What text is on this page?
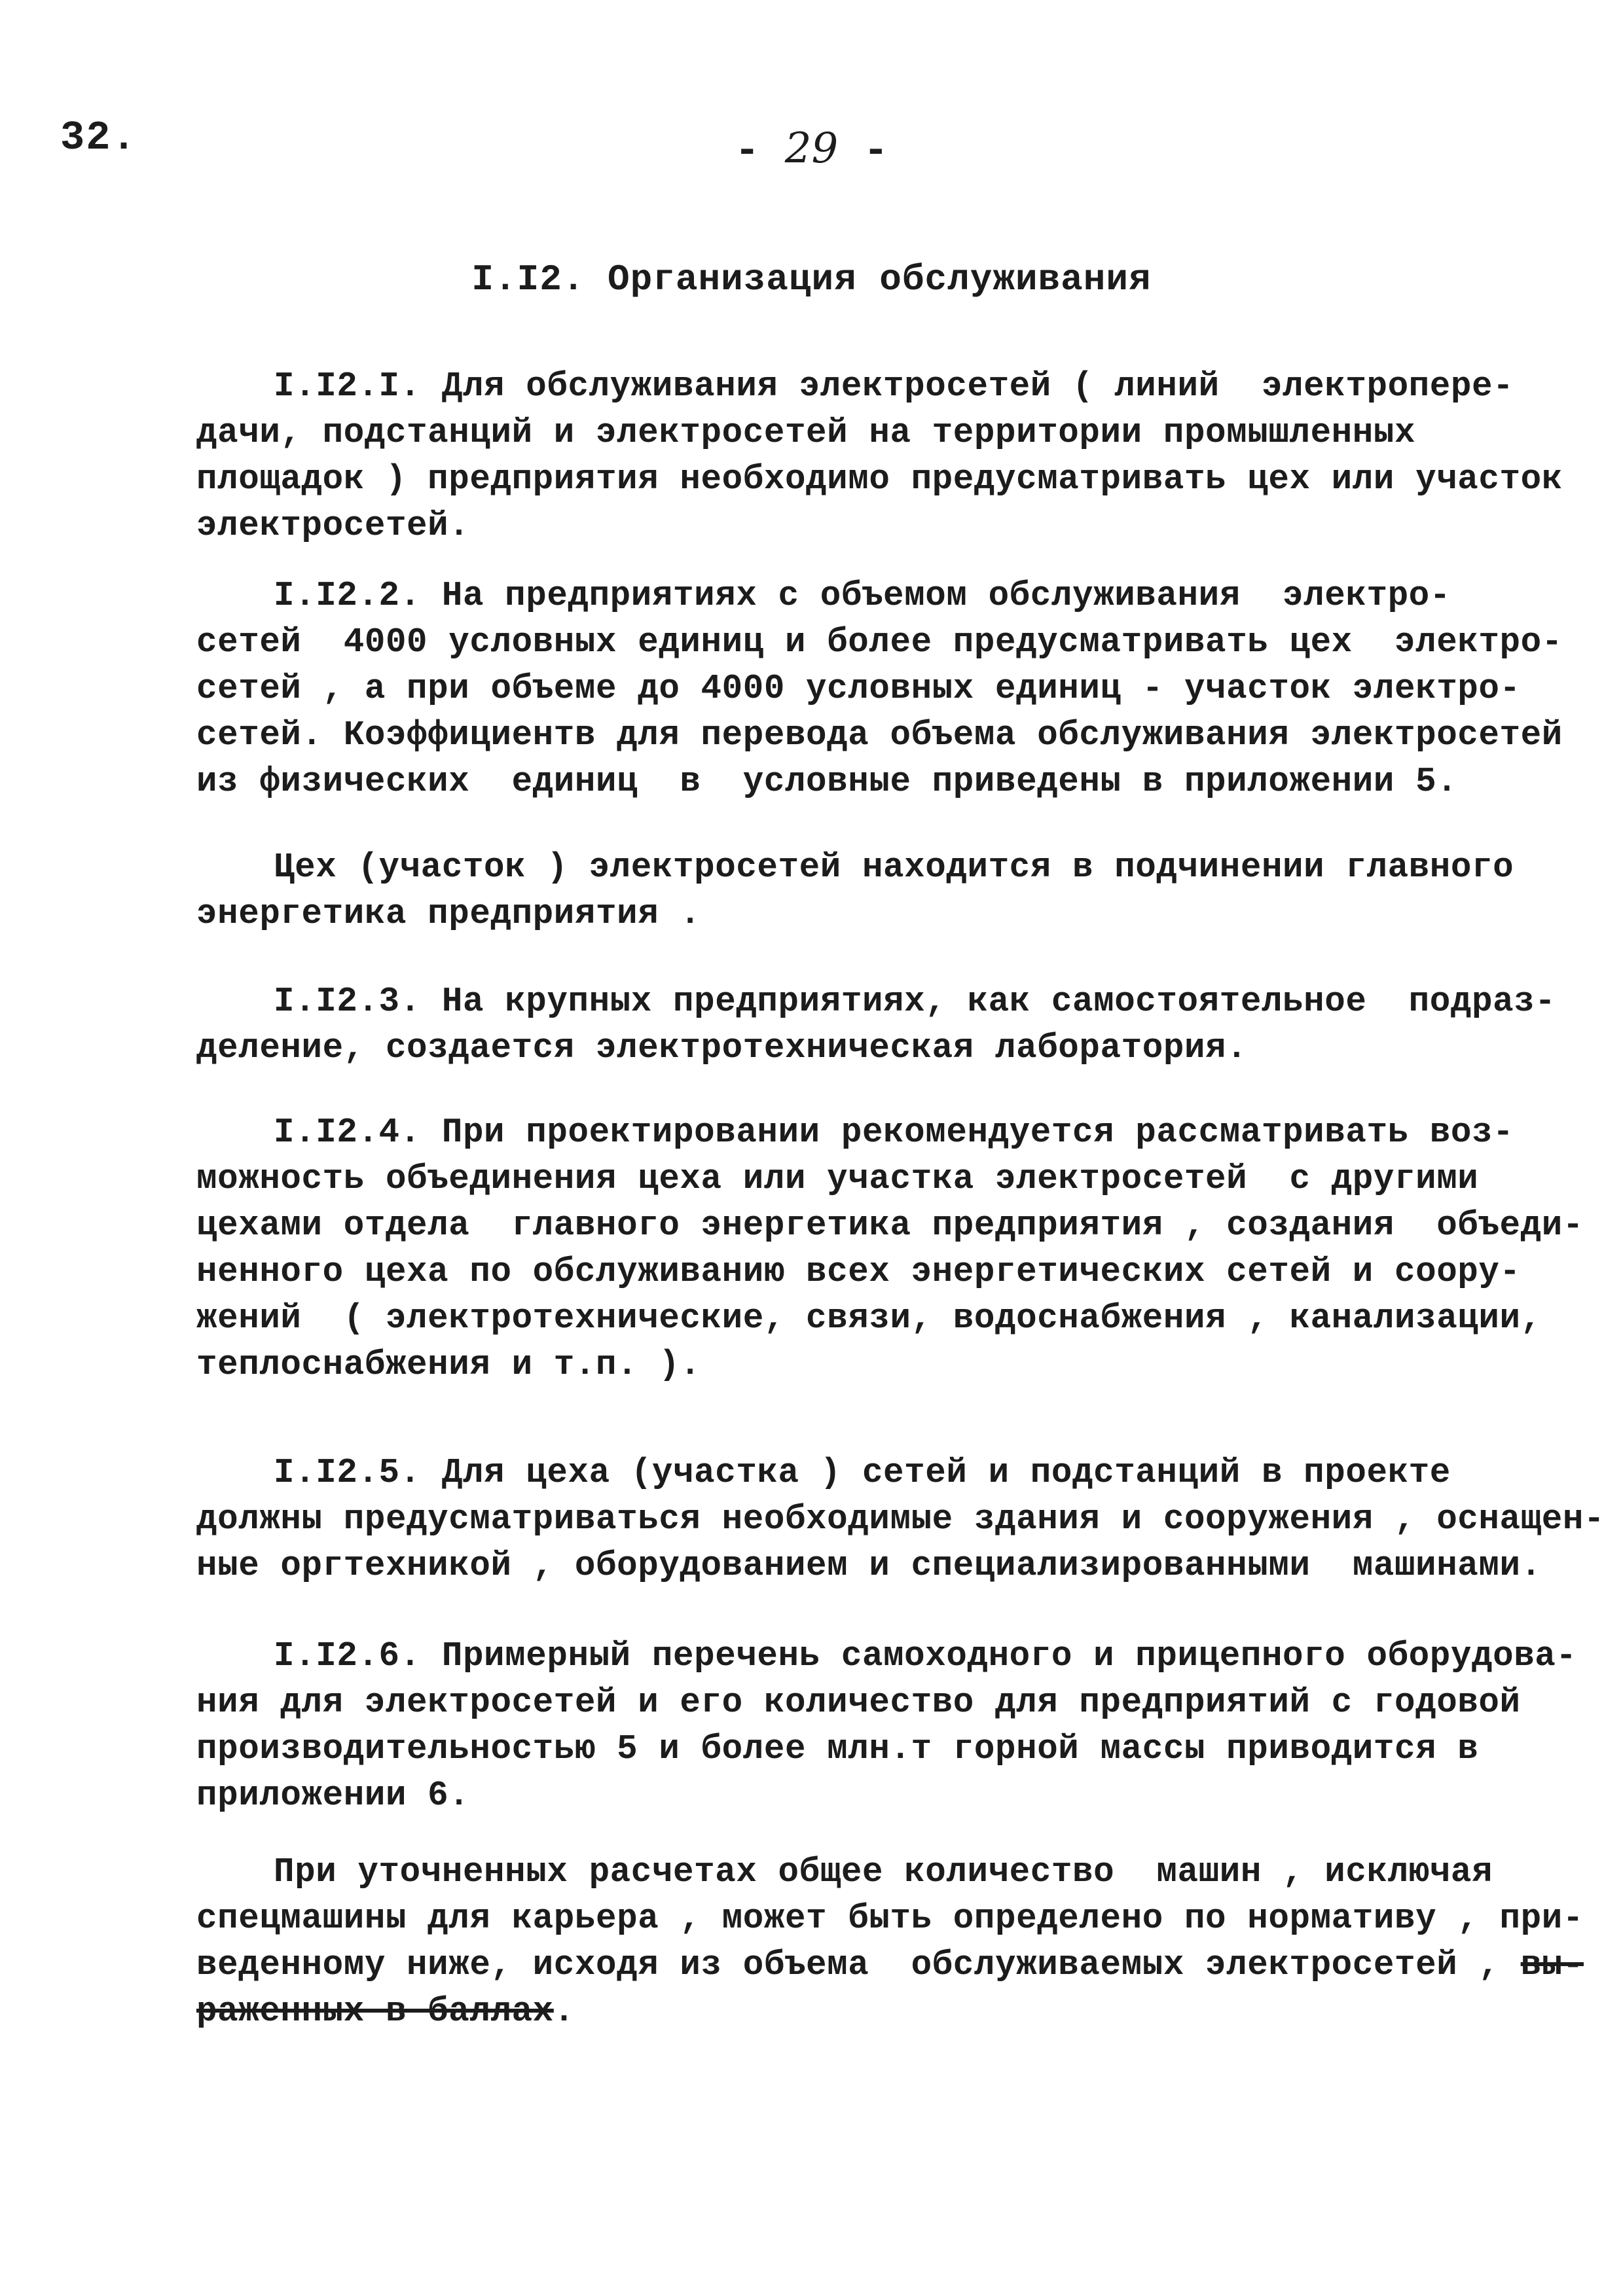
32.	- 29 -
I.I2. Организация обслуживания
I.I2.I. Для обслуживания электросетей ( линий  электропере-
дачи, подстанций и электросетей на территории промышленных
площадок ) предприятия необходимо предусматривать цех или участок
электросетей.
I.I2.2. На предприятиях с объемом обслуживания  электро-
сетей  4000 условных единиц и более предусматривать цех  электро-
сетей , а при объеме до 4000 условных единиц - участок электро-
сетей. Коэффициентв для перевода объема обслуживания электросетей
из физических  единиц  в  условные приведены в приложении 5.
Цех (участок ) электросетей находится в подчинении главного
энергетика предприятия .
I.I2.3. На крупных предприятиях, как самостоятельное  подраз-
деление, создается электротехническая лаборатория.
I.I2.4. При проектировании рекомендуется рассматривать воз-
можность объединения цеха или участка электросетей  с другими
цехами отдела  главного энергетика предприятия , создания  объеди-
ненного цеха по обслуживанию всех энергетических сетей и соору-
жений  ( электротехнические, связи, водоснабжения , канализации,
теплоснабжения и т.п. ).
I.I2.5. Для цеха (участка ) сетей и подстанций в проекте
должны предусматриваться необходимые здания и сооружения , оснащен-
ные оргтехникой , оборудованием и специализированными  машинами.
I.I2.6. Примерный перечень самоходного и прицепного оборудова-
ния для электросетей и его количество для предприятий с годовой
производительностью 5 и более млн.т горной массы приводится в
приложении 6.
При уточненных расчетах общее количество  машин , исключая
спецмашины для карьера , может быть определено по нормативу , при-
веденному ниже, исходя из объема  обслуживаемых электросетей , вы-
раженных в баллах.
